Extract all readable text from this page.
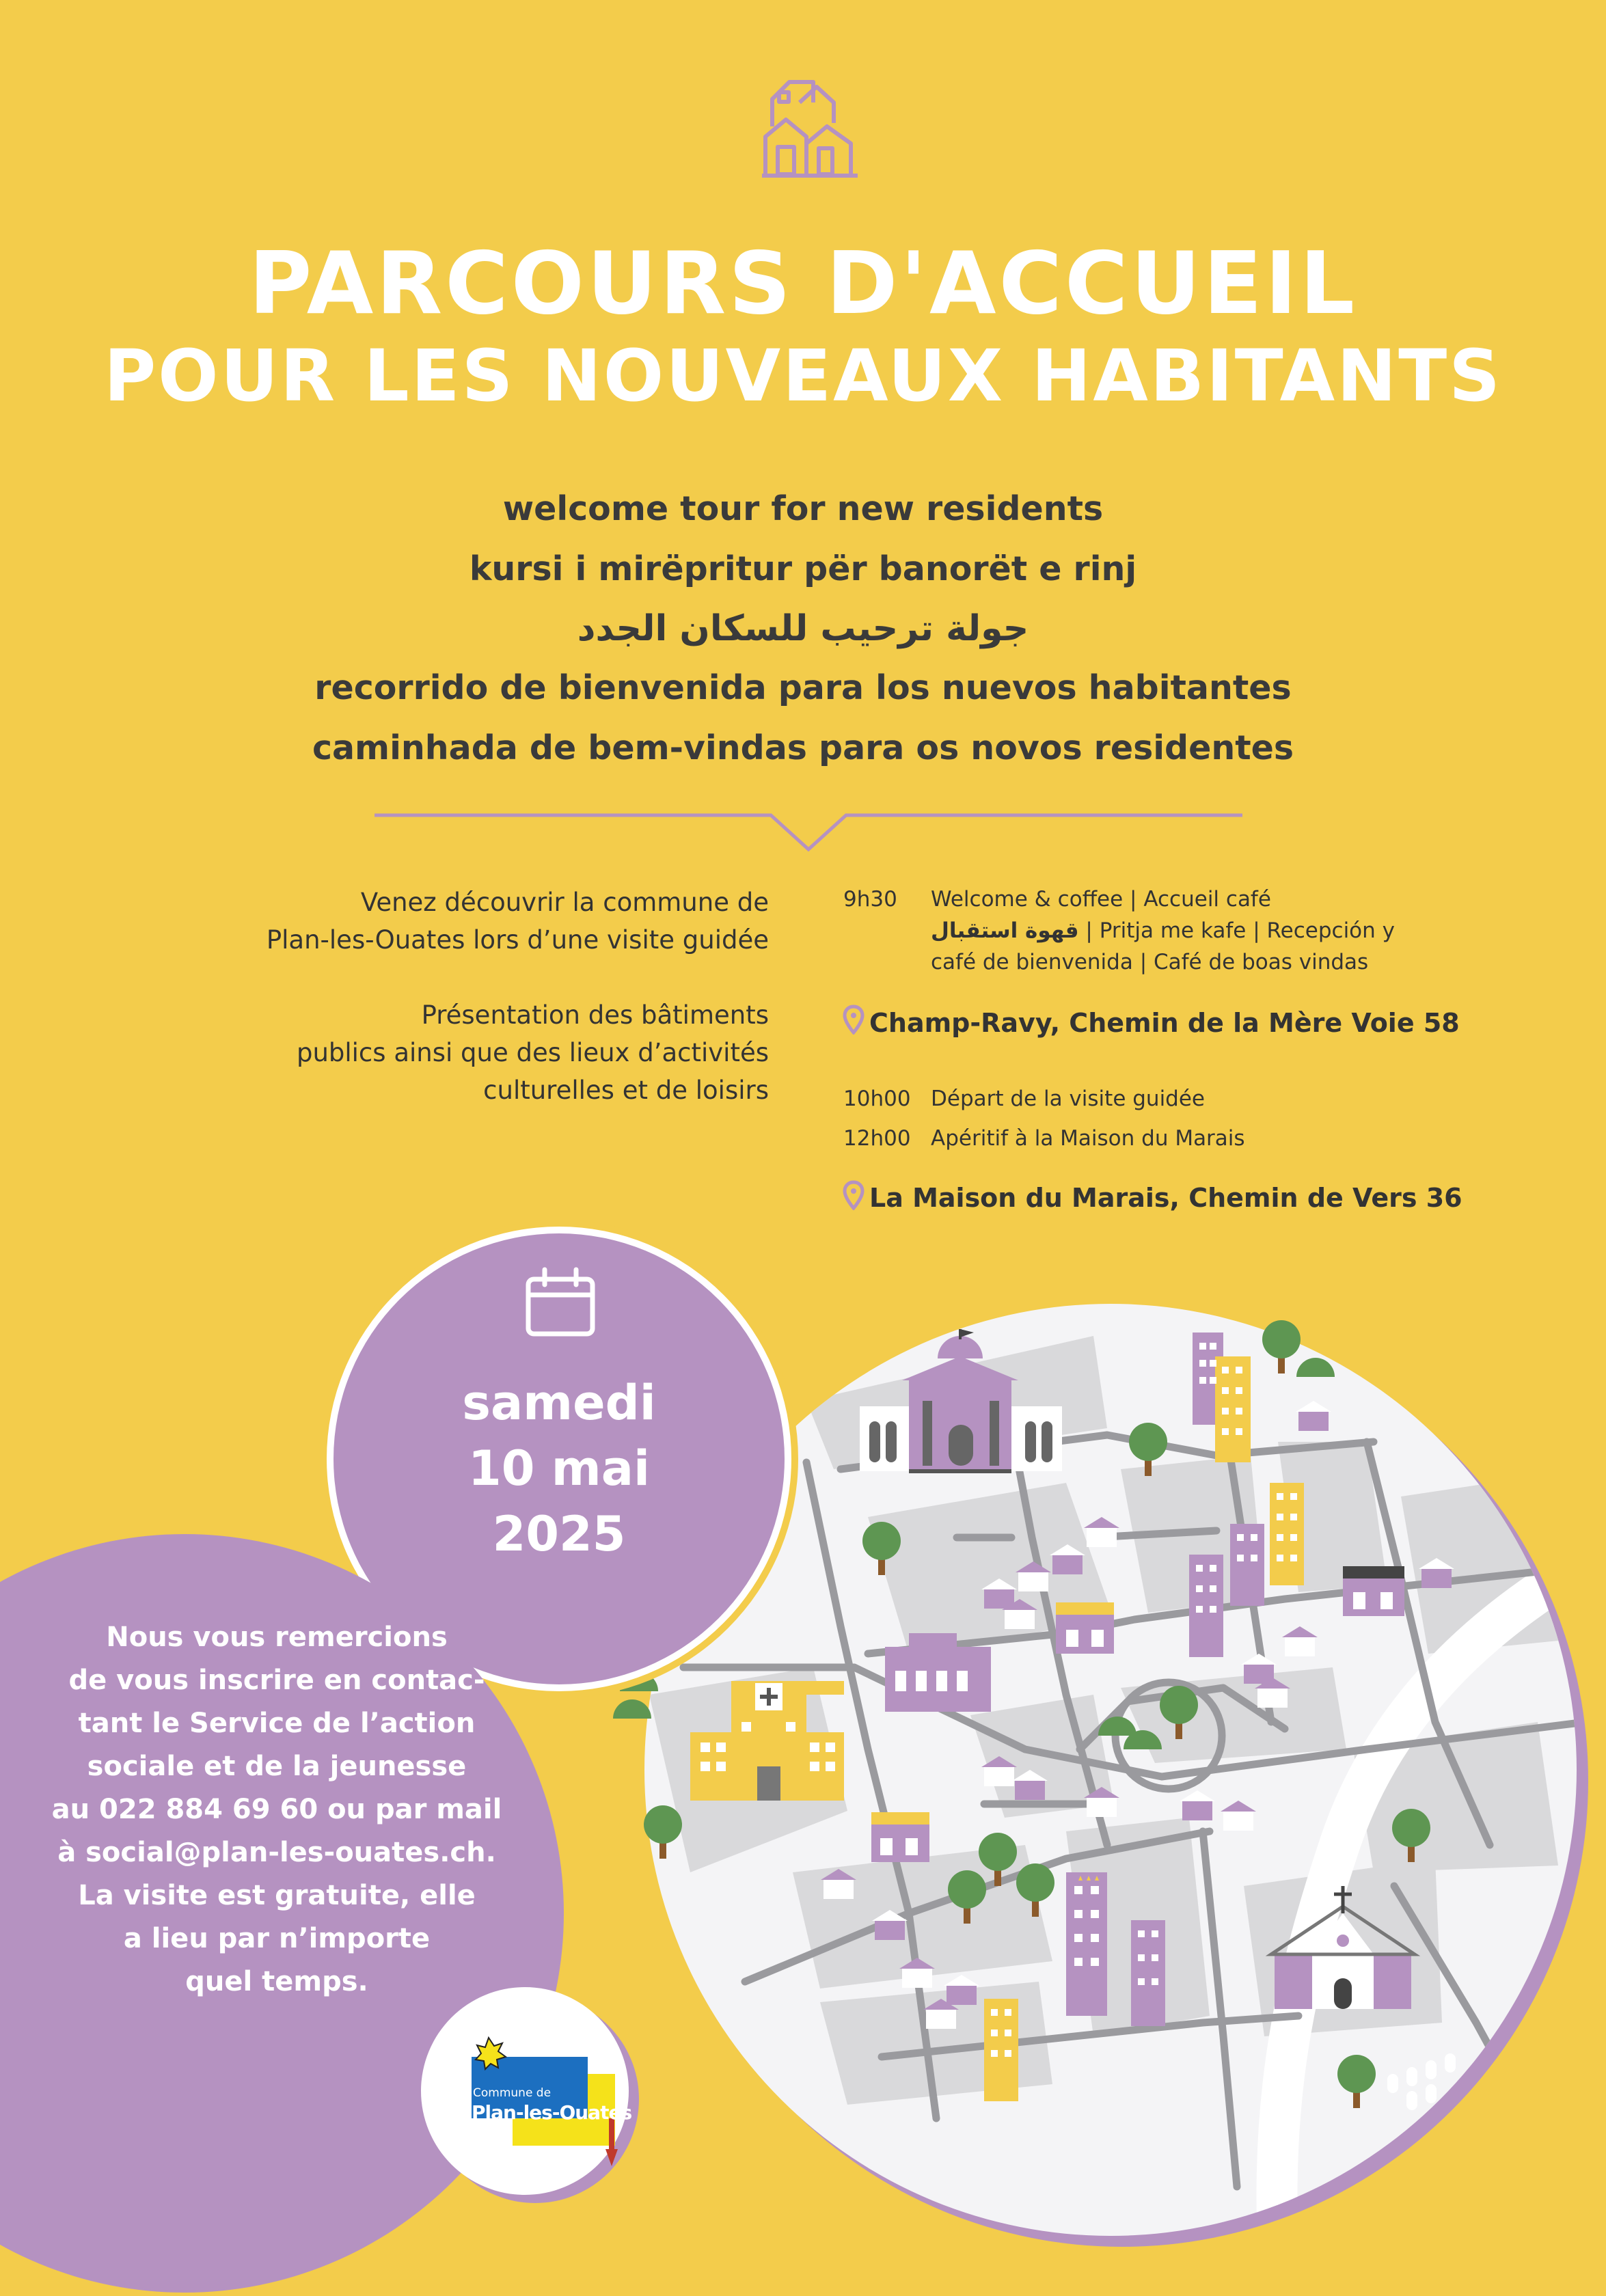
PARCOURS D'ACCUEIL
POUR LES NOUVEAUX HABITANTS
welcome tour for new residents
kursi i mirëpritur për banorët e rinj
جولة ترحيب للسكان الجدد
recorrido de bienvenida para los nuevos habitantes
caminhada de bem-vindas para os novos residentes
Venez découvrir la commune de
Plan-les-Ouates lors d’une visite guidée
Présentation des bâtiments
publics ainsi que des lieux d’activités
culturelles et de loisirs
9h30 Welcome & coffee | Accueil café
قهوة استقبال | Pritja me kafe | Recepción y
café de bienvenida | Café de boas vindas
Champ-Ravy, Chemin de la Mère Voie 58
10h00 Départ de la visite guidée
12h00 Apéritif à la Maison du Marais
La Maison du Marais, Chemin de Vers 36
samedi
10 mai
2025
Nous vous remercions
de vous inscrire en contac-
tant le Service de l’action
sociale et de la jeunesse
au 022 884 69 60 ou par mail
à social@plan-les-ouates.ch.
La visite est gratuite, elle
a lieu par n’importe
quel temps.
Commune de
Plan-les-Ouates
